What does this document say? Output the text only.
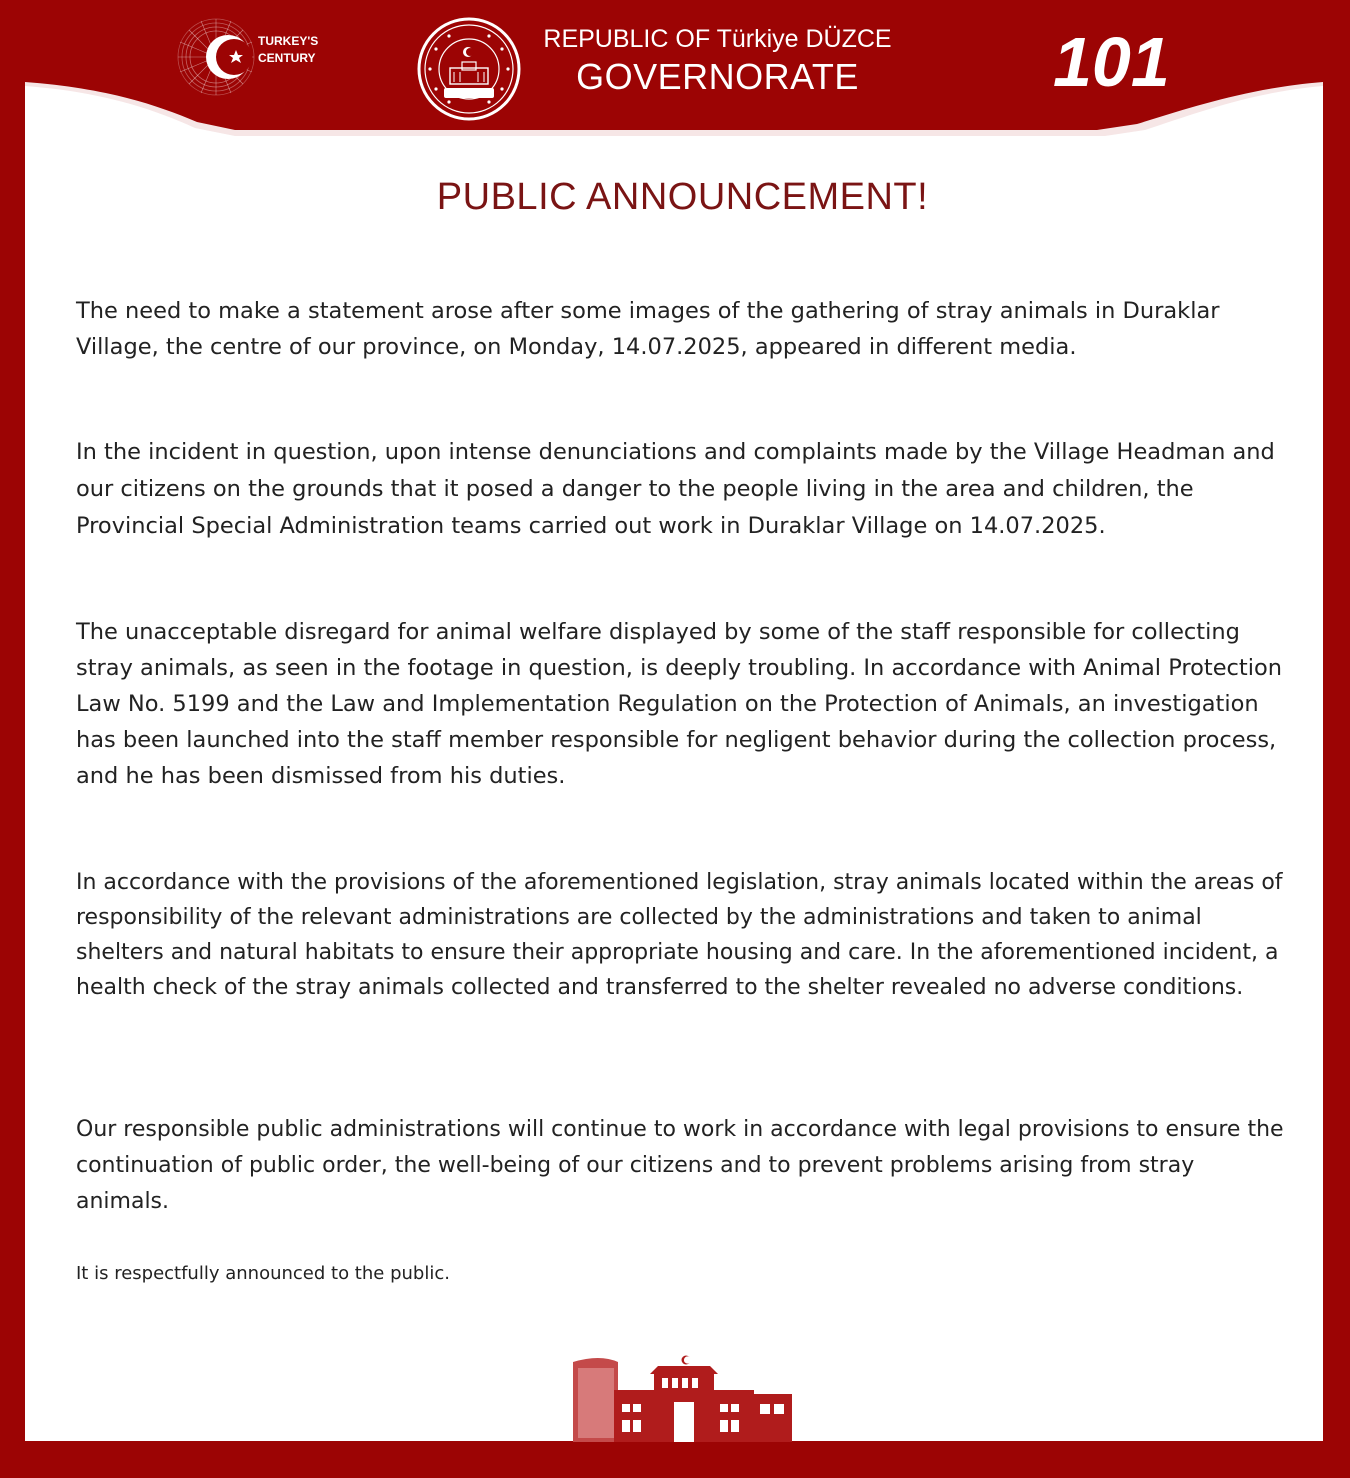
TURKEY'S
CENTURY
REPUBLIC OF Türkiye DÜZCE
GOVERNORATE	101
PUBLIC ANNOUNCEMENT!

The need to make a statement arose after some images of the gathering of stray animals in Duraklar Village, the centre of our province, on Monday, 14.07.2025, appeared in different media.

In the incident in question, upon intense denunciations and complaints made by the Village Headman and our citizens on the grounds that it posed a danger to the people living in the area and children, the Provincial Special Administration teams carried out work in Duraklar Village on 14.07.2025.

The unacceptable disregard for animal welfare displayed by some of the staff responsible for collecting stray animals, as seen in the footage in question, is deeply troubling. In accordance with Animal Protection Law No. 5199 and the Law and Implementation Regulation on the Protection of Animals, an investigation has been launched into the staff member responsible for negligent behavior during the collection process, and he has been dismissed from his duties.

In accordance with the provisions of the aforementioned legislation, stray animals located within the areas of responsibility of the relevant administrations are collected by the administrations and taken to animal shelters and natural habitats to ensure their appropriate housing and care. In the aforementioned incident, a health check of the stray animals collected and transferred to the shelter revealed no adverse conditions.

Our responsible public administrations will continue to work in accordance with legal provisions to ensure the continuation of public order, the well-being of our citizens and to prevent problems arising from stray animals.

It is respectfully announced to the public.
